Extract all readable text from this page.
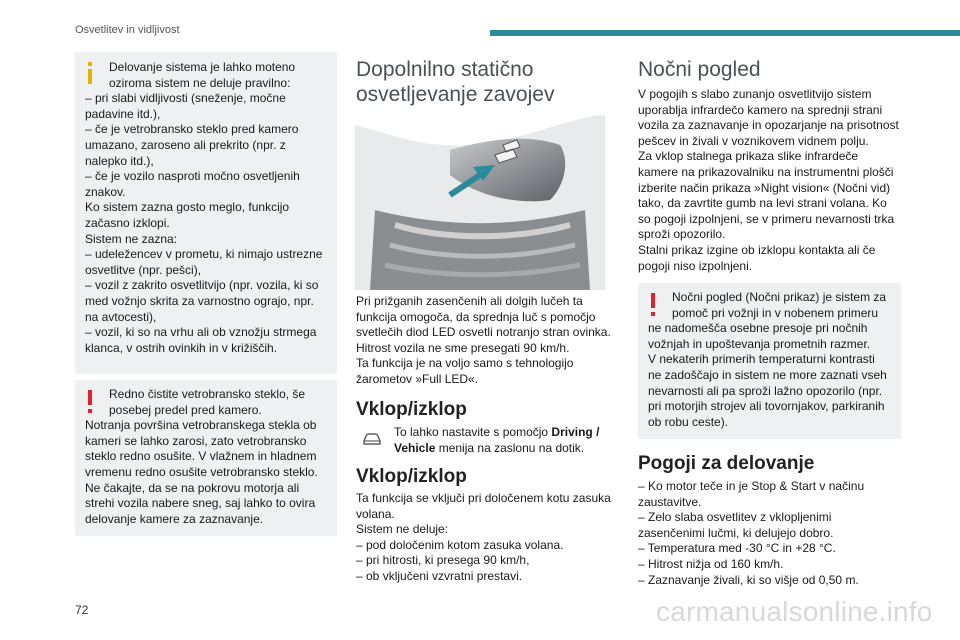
Osvetlitev in vidljivost

Delovanje sistema je lahko moteno

oziroma sistem ne deluje pravilno:

– pri slabi vidljivosti (sneženje, močne

padavine itd.),

– če je vetrobransko steklo pred kamero

umazano, zaroseno ali prekrito (npr. z

nalepko itd.),

– če je vozilo nasproti močno osvetljenih

znakov.

Ko sistem zazna gosto meglo, funkcijo

začasno izklopi.

Sistem ne zazna:

– udeležencev v prometu, ki nimajo ustrezne

osvetlitve (npr. pešci),

– vozil z zakrito osvetlitvijo (npr. vozila, ki so

med vožnjo skrita za varnostno ograjo, npr.

na avtocesti),

– vozil, ki so na vrhu ali ob vznožju strmega

klanca, v ostrih ovinkih in v križiščih.

Redno čistite vetrobransko steklo, še

posebej predel pred kamero.

Notranja površina vetrobranskega stekla ob

kameri se lahko zarosi, zato vetrobransko

steklo redno osušite. V vlažnem in hladnem

vremenu redno osušite vetrobransko steklo.

Ne čakajte, da se na pokrovu motorja ali

strehi vozila nabere sneg, saj lahko to ovira

delovanje kamere za zaznavanje.

Dopolnilno statično
osvetljevanje zavojev

Pri prižganih zasenčenih ali dolgih lučeh ta

funkcija omogoča, da sprednja luč s pomočjo

svetlečih diod LED osvetli notranjo stran ovinka.

Hitrost vozila ne sme presegati 90 km/h.

Ta funkcija je na voljo samo s tehnologijo

žarometov »Full LED«.

Vklop/izklop

To lahko nastavite s pomočjo Driving /

Vehicle menija na zaslonu na dotik.

Vklop/izklop

Ta funkcija se vključi pri določenem kotu zasuka

volana.

Sistem ne deluje:

– pod določenim kotom zasuka volana.

– pri hitrosti, ki presega 90 km/h,

– ob vključeni vzvratni prestavi.

Nočni pogled

V pogojih s slabo zunanjo osvetlitvijo sistem

uporablja infrardečo kamero na sprednji strani

vozila za zaznavanje in opozarjanje na prisotnost

pešcev in živali v voznikovem vidnem polju.

Za vklop stalnega prikaza slike infrardeče

kamere na prikazovalniku na instrumentni plošči

izberite način prikaza »Night vision« (Nočni vid)

tako, da zavrtite gumb na levi strani volana. Ko

so pogoji izpolnjeni, se v primeru nevarnosti trka

sproži opozorilo.

Stalni prikaz izgine ob izklopu kontakta ali če

pogoji niso izpolnjeni.

Nočni pogled (Nočni prikaz) je sistem za

pomoč pri vožnji in v nobenem primeru

ne nadomešča osebne presoje pri nočnih

vožnjah in upoštevanja prometnih razmer.

V nekaterih primerih temperaturni kontrasti

ne zadoščajo in sistem ne more zaznati vseh

nevarnosti ali pa sproži lažno opozorilo (npr.

pri motorjih strojev ali tovornjakov, parkiranih

ob robu ceste).

Pogoji za delovanje

– Ko motor teče in je Stop & Start v načinu

zaustavitve.

– Zelo slaba osvetlitev z vklopljenimi

zasenčenimi lučmi, ki delujejo dobro.

– Temperatura med -30 °C in +28 °C.

– Hitrost nižja od 160 km/h.

– Zaznavanje živali, ki so višje od 0,50 m.

72	carmanualsonline.info
